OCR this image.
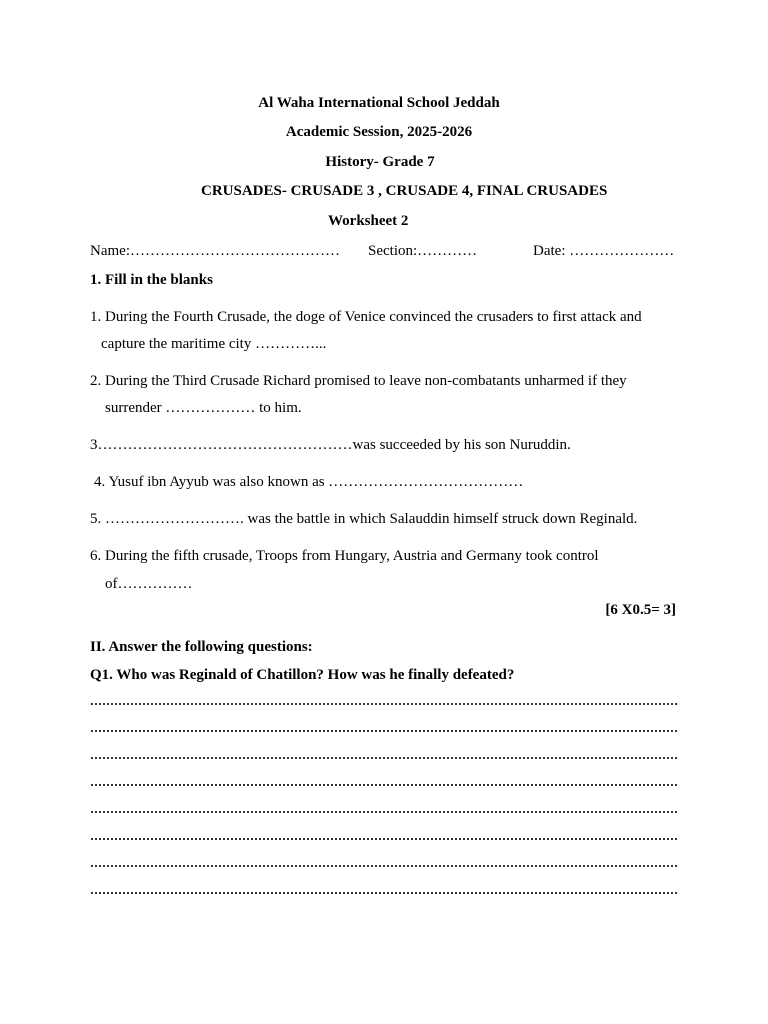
Al Waha International School Jeddah
Academic Session, 2025-2026
History- Grade 7
CRUSADES- CRUSADE 3 , CRUSADE 4, FINAL CRUSADES
Worksheet 2
Name:…………………………………… Section:…………	Date: …………………
1. Fill in the blanks
1. During the Fourth Crusade, the doge of Venice convinced the crusaders to first attack and
capture the maritime city …………...
2. During the Third Crusade Richard promised to leave non-combatants unharmed if they
surrender ……………… to him.
3……………………………………………was succeeded by his son Nuruddin.
4. Yusuf ibn Ayyub was also known as …………………………………
5. ………………………. was the battle in which Salauddin himself struck down Reginald.
6. During the fifth crusade, Troops from Hungary, Austria and Germany took control
of……………
[6 X0.5= 3]
II. Answer the following questions:
Q1. Who was Reginald of Chatillon? How was he finally defeated?
